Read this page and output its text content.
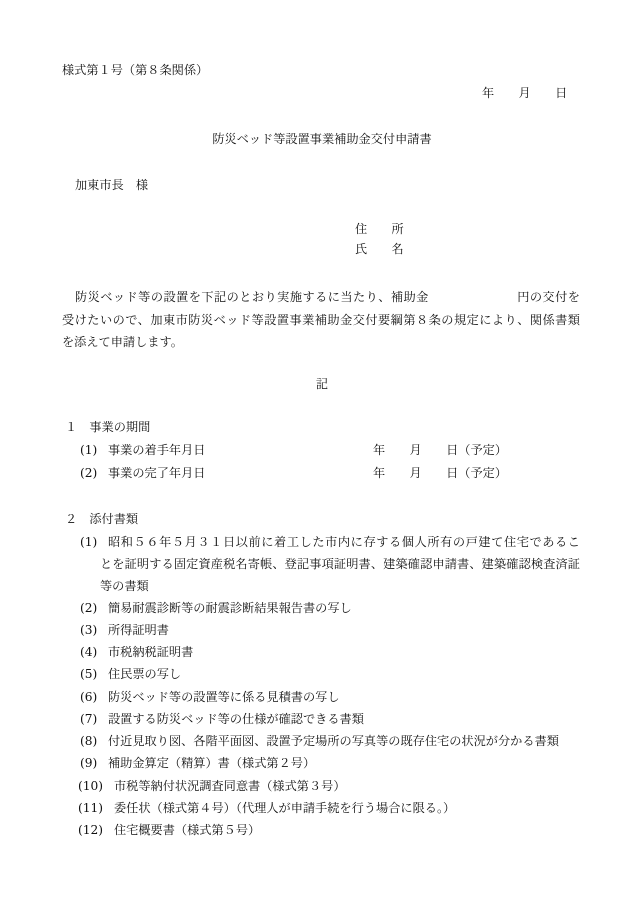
様式第１号（第８条関係）
年　　月　　日
防災ベッド等設置事業補助金交付申請書
加東市長　様
住　　所
氏　　名
防災ベッド等の設置を下記のとおり実施するに当たり、補助金　　　　　　　円の交付を
受けたいので、加東市防災ベッド等設置事業補助金交付要綱第８条の規定により、関係書類
を添えて申請します。
記
１　事業の期間
(1) 事業の着手年月日	年　　月　　日（予定）
(2) 事業の完了年月日	年　　月　　日（予定）
２　添付書類
(1) 昭和５６年５月３１日以前に着工した市内に存する個人所有の戸建て住宅であるこ
とを証明する固定資産税名寄帳、登記事項証明書、建築確認申請書、建築確認検査済証
等の書類
(2) 簡易耐震診断等の耐震診断結果報告書の写し
(3) 所得証明書
(4) 市税納税証明書
(5) 住民票の写し
(6) 防災ベッド等の設置等に係る見積書の写し
(7) 設置する防災ベッド等の仕様が確認できる書類
(8) 付近見取り図、各階平面図、設置予定場所の写真等の既存住宅の状況が分かる書類
(9) 補助金算定（精算）書（様式第２号）
(10) 市税等納付状況調査同意書（様式第３号）
(11) 委任状（様式第４号）（代理人が申請手続を行う場合に限る。）
(12) 住宅概要書（様式第５号）
